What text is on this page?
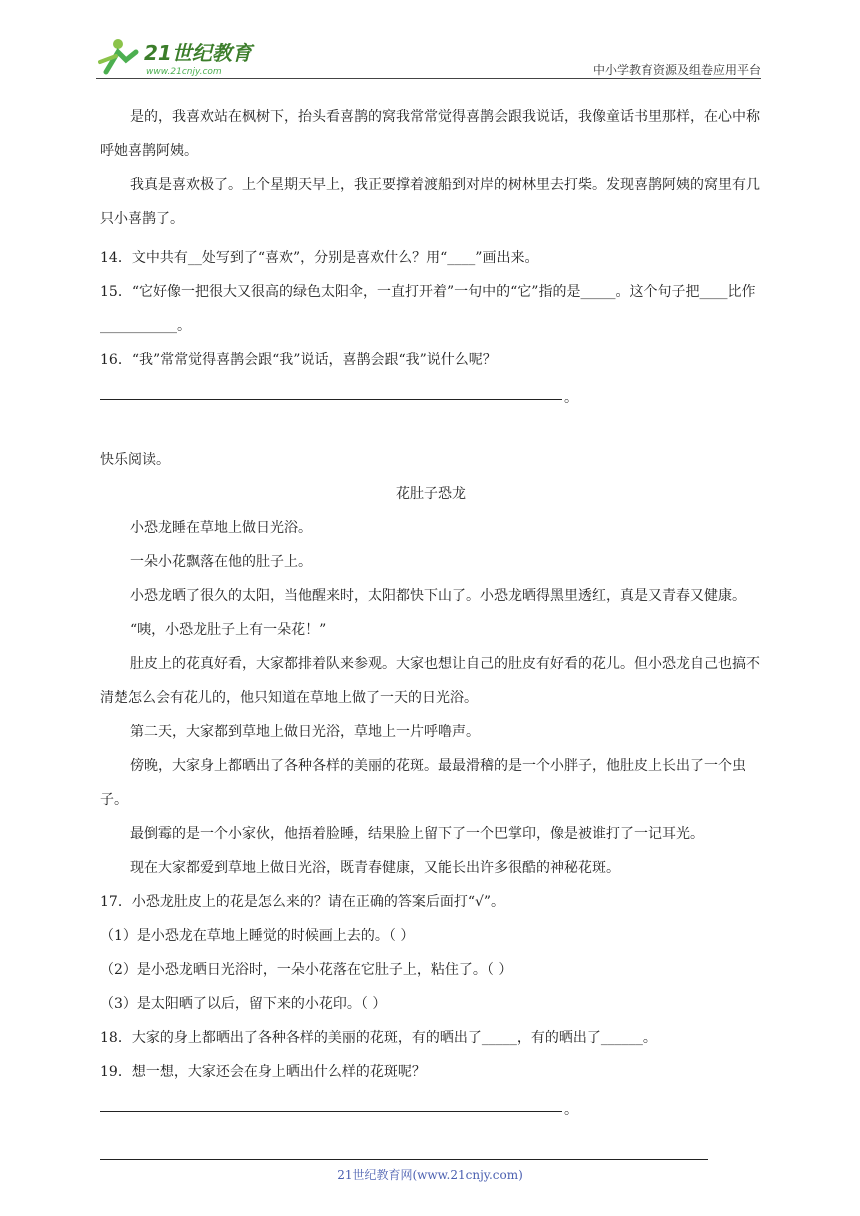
21世纪教育
www.21cnjy.com	中小学教育资源及组卷应用平台

是的，我喜欢站在枫树下，抬头看喜鹊的窝我常常觉得喜鹊会跟我说话，我像童话书里那样，在心中称呼她喜鹊阿姨。

我真是喜欢极了。上个星期天早上，我正要撑着渡船到对岸的树林里去打柴。发现喜鹊阿姨的窝里有几只小喜鹊了。

14．文中共有__处写到了“喜欢”，分别是喜欢什么？用“____”画出来。

15．“它好像一把很大又很高的绿色太阳伞，一直打开着”一句中的“它”指的是_____。这个句子把____比作___________。

16．“我”常常觉得喜鹊会跟“我”说话，喜鹊会跟“我”说什么呢？

。

快乐阅读。

花肚子恐龙

小恐龙睡在草地上做日光浴。

一朵小花飘落在他的肚子上。

小恐龙晒了很久的太阳，当他醒来时，太阳都快下山了。小恐龙晒得黑里透红，真是又青春又健康。

“咦，小恐龙肚子上有一朵花！”

肚皮上的花真好看，大家都排着队来参观。大家也想让自己的肚皮有好看的花儿。但小恐龙自己也搞不清楚怎么会有花儿的，他只知道在草地上做了一天的日光浴。

第二天，大家都到草地上做日光浴，草地上一片呼噜声。

傍晚，大家身上都晒出了各种各样的美丽的花斑。最最滑稽的是一个小胖子，他肚皮上长出了一个虫子。

最倒霉的是一个小家伙，他捂着脸睡，结果脸上留下了一个巴掌印，像是被谁打了一记耳光。

现在大家都爱到草地上做日光浴，既青春健康，又能长出许多很酷的神秘花斑。

17．小恐龙肚皮上的花是怎么来的？请在正确的答案后面打“√”。

（1）是小恐龙在草地上睡觉的时候画上去的。（ ）

（2）是小恐龙晒日光浴时，一朵小花落在它肚子上，粘住了。（ ）

（3）是太阳晒了以后，留下来的小花印。（ ）

18．大家的身上都晒出了各种各样的美丽的花斑，有的晒出了_____，有的晒出了______。

19．想一想，大家还会在身上晒出什么样的花斑呢？

。
21世纪教育网(www.21cnjy.com)
